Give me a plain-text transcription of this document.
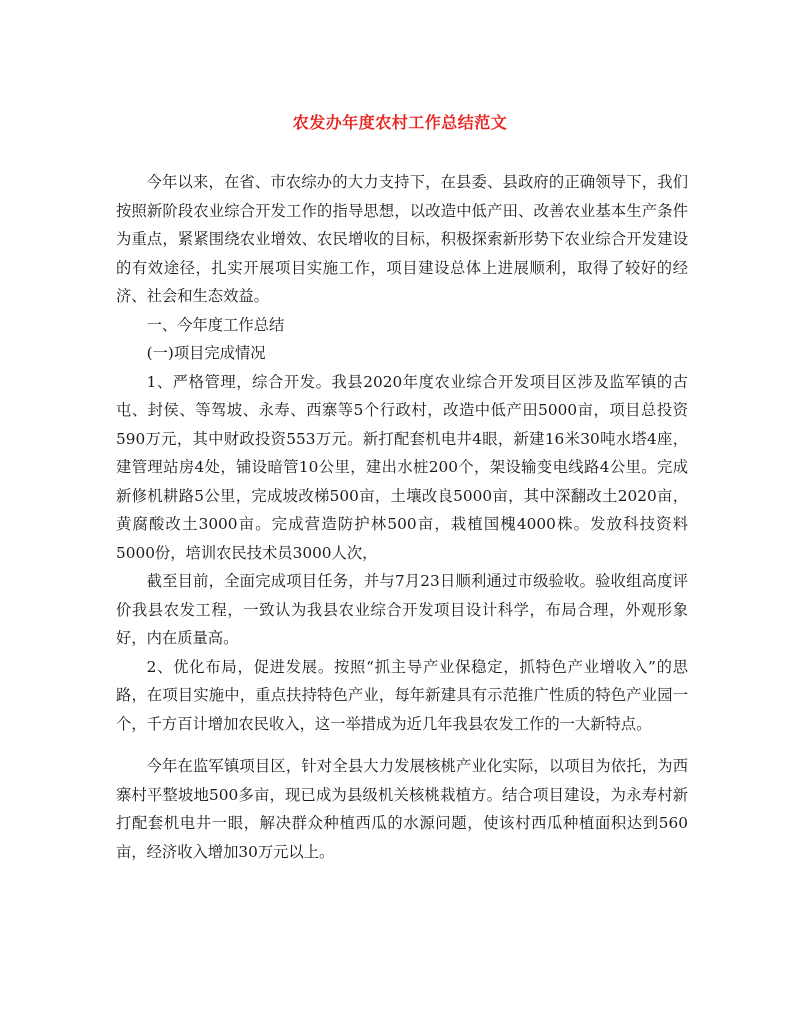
农发办年度农村工作总结范文

今年以来，在省、市农综办的大力支持下，在县委、县政府的正确领导下，我们按照新阶段农业综合开发工作的指导思想，以改造中低产田、改善农业基本生产条件为重点，紧紧围绕农业增效、农民增收的目标，积极探索新形势下农业综合开发建设的有效途径，扎实开展项目实施工作，项目建设总体上进展顺利，取得了较好的经济、社会和生态效益。

一、今年度工作总结

(一)项目完成情况

1、严格管理，综合开发。我县2020年度农业综合开发项目区涉及监军镇的古屯、封侯、等驾坡、永寿、西寨等5个行政村，改造中低产田5000亩，项目总投资590万元，其中财政投资553万元。新打配套机电井4眼，新建16米30吨水塔4座，建管理站房4处，铺设暗管10公里，建出水桩200个，架设输变电线路4公里。完成新修机耕路5公里，完成坡改梯500亩，土壤改良5000亩，其中深翻改土2020亩，黄腐酸改土3000亩。完成营造防护林500亩，栽植国槐4000株。发放科技资料5000份，培训农民技术员3000人次，

截至目前，全面完成项目任务，并与7月23日顺利通过市级验收。验收组高度评价我县农发工程，一致认为我县农业综合开发项目设计科学，布局合理，外观形象好，内在质量高。

2、优化布局，促进发展。按照“抓主导产业保稳定，抓特色产业增收入”的思路，在项目实施中，重点扶持特色产业，每年新建具有示范推广性质的特色产业园一个，千方百计增加农民收入，这一举措成为近几年我县农发工作的一大新特点。

今年在监军镇项目区，针对全县大力发展核桃产业化实际，以项目为依托，为西寨村平整坡地500多亩，现已成为县级机关核桃栽植方。结合项目建设，为永寿村新打配套机电井一眼，解决群众种植西瓜的水源问题，使该村西瓜种植面积达到560亩，经济收入增加30万元以上。
